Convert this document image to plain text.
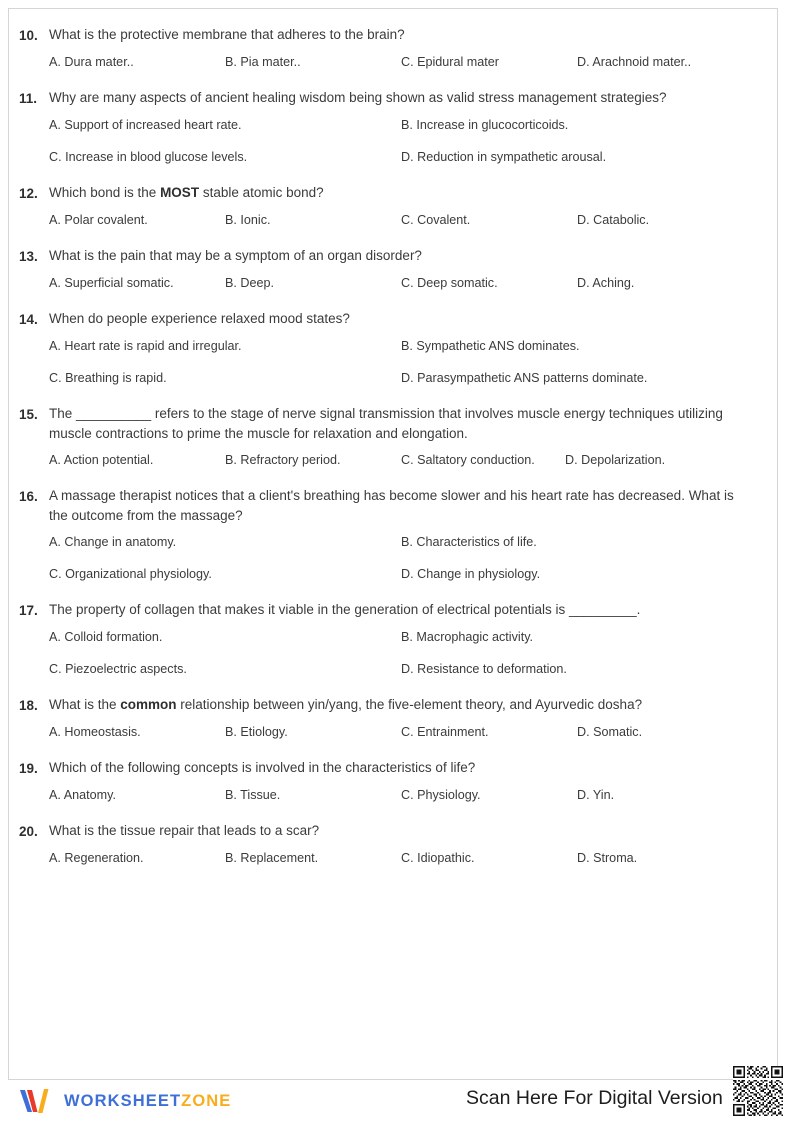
10. What is the protective membrane that adheres to the brain?
A. Dura mater..	B. Pia mater..	C. Epidural mater	D. Arachnoid mater..
11. Why are many aspects of ancient healing wisdom being shown as valid stress management strategies?
A. Support of increased heart rate.	B. Increase in glucocorticoids.
C. Increase in blood glucose levels.	D. Reduction in sympathetic arousal.
12. Which bond is the MOST stable atomic bond?
A. Polar covalent.	B. Ionic.	C. Covalent.	D. Catabolic.
13. What is the pain that may be a symptom of an organ disorder?
A. Superficial somatic.	B. Deep.	C. Deep somatic.	D. Aching.
14. When do people experience relaxed mood states?
A. Heart rate is rapid and irregular.	B. Sympathetic ANS dominates.
C. Breathing is rapid.	D. Parasympathetic ANS patterns dominate.
15. The __________ refers to the stage of nerve signal transmission that involves muscle energy techniques utilizing muscle contractions to prime the muscle for relaxation and elongation.
A. Action potential.	B. Refractory period.	C. Saltatory conduction.	D. Depolarization.
16. A massage therapist notices that a client's breathing has become slower and his heart rate has decreased. What is the outcome from the massage?
A. Change in anatomy.	B. Characteristics of life.
C. Organizational physiology.	D. Change in physiology.
17. The property of collagen that makes it viable in the generation of electrical potentials is _________.
A. Colloid formation.	B. Macrophagic activity.
C. Piezoelectric aspects.	D. Resistance to deformation.
18. What is the common relationship between yin/yang, the five-element theory, and Ayurvedic dosha?
A. Homeostasis.	B. Etiology.	C. Entrainment.	D. Somatic.
19. Which of the following concepts is involved in the characteristics of life?
A. Anatomy.	B. Tissue.	C. Physiology.	D. Yin.
20. What is the tissue repair that leads to a scar?
A. Regeneration.	B. Replacement.	C. Idiopathic.	D. Stroma.
WORKSHEETZONE	Scan Here For Digital Version
